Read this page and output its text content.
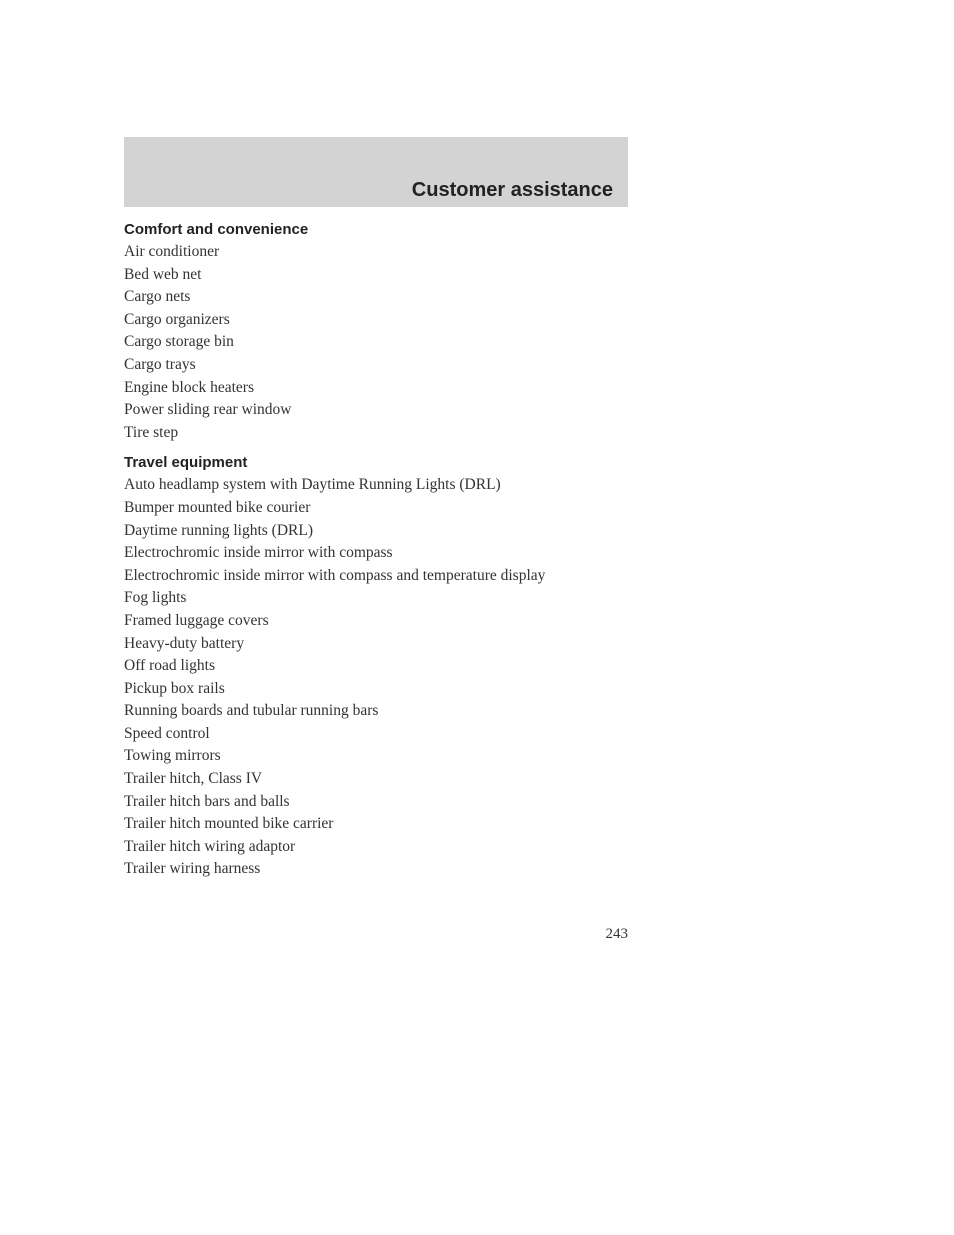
Customer assistance
Comfort and convenience
Air conditioner
Bed web net
Cargo nets
Cargo organizers
Cargo storage bin
Cargo trays
Engine block heaters
Power sliding rear window
Tire step
Travel equipment
Auto headlamp system with Daytime Running Lights (DRL)
Bumper mounted bike courier
Daytime running lights (DRL)
Electrochromic inside mirror with compass
Electrochromic inside mirror with compass and temperature display
Fog lights
Framed luggage covers
Heavy-duty battery
Off road lights
Pickup box rails
Running boards and tubular running bars
Speed control
Towing mirrors
Trailer hitch, Class IV
Trailer hitch bars and balls
Trailer hitch mounted bike carrier
Trailer hitch wiring adaptor
Trailer wiring harness
243
